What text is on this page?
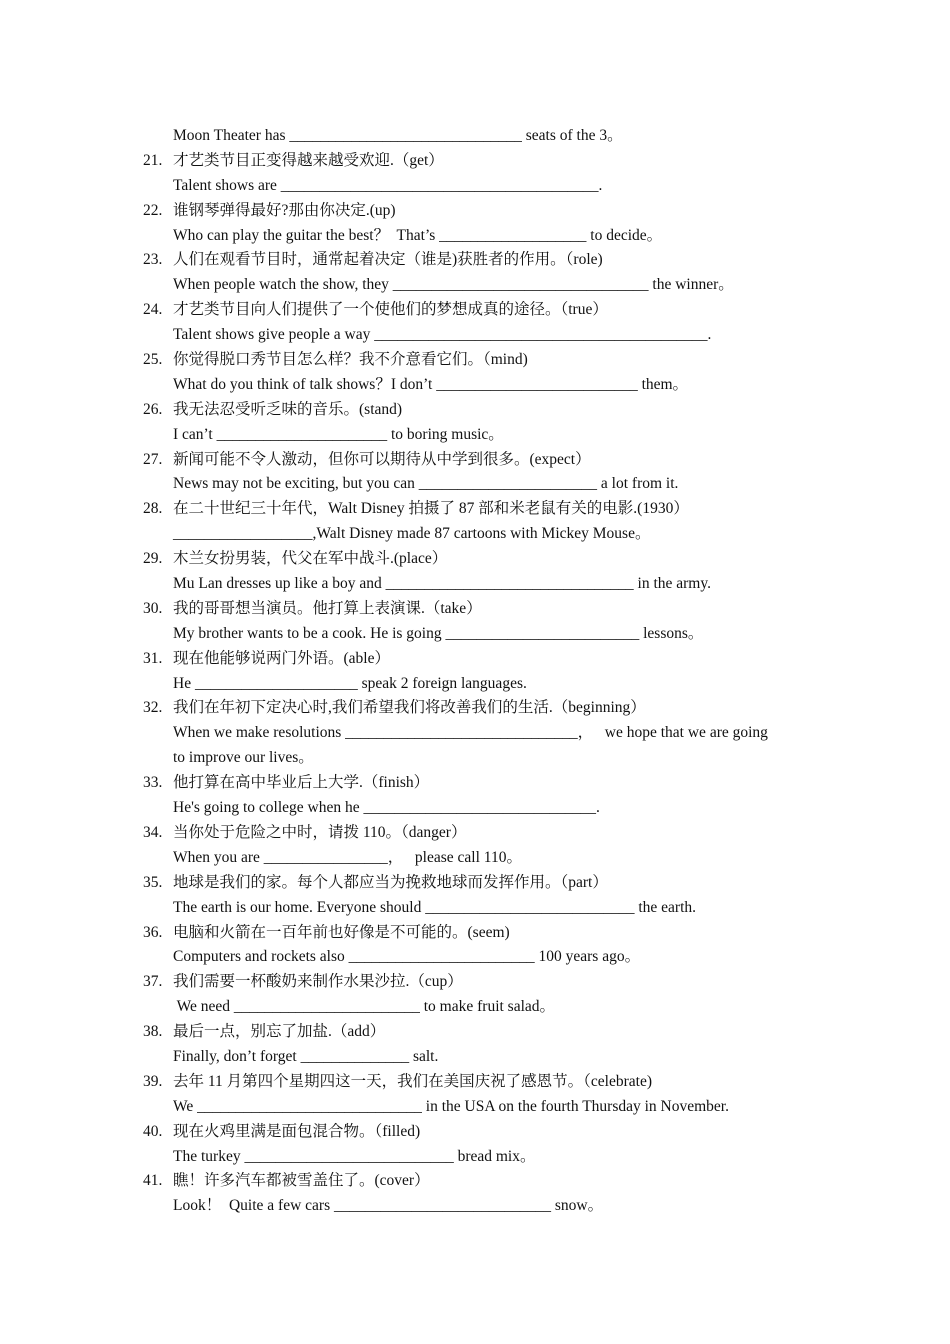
Moon Theater has ______________________________ seats of the 3。
21. 才艺类节目正变得越来越受欢迎.（get）
Talent shows are _________________________________________.
22. 谁钢琴弹得最好?那由你决定.(up)
Who can play the guitar the best？  That’s ___________________ to decide。
23. 人们在观看节目时，通常起着决定（谁是)获胜者的作用。（role)
When people watch the show, they _________________________________ the winner。
24. 才艺类节目向人们提供了一个使他们的梦想成真的途径。（true）
Talent shows give people a way ___________________________________________.
25. 你觉得脱口秀节目怎么样？我不介意看它们。（mind)
What do you think of talk shows？I don’t __________________________ them。
26. 我无法忍受听乏味的音乐。(stand)
I can’t ______________________ to boring music。
27. 新闻可能不令人激动，但你可以期待从中学到很多。(expect）
News may not be exciting, but you can _______________________ a lot from it.
28. 在二十世纪三十年代，Walt Disney 拍摄了 87 部和米老鼠有关的电影.(1930）
__________________,Walt Disney made 87 cartoons with Mickey Mouse。
29. 木兰女扮男装，代父在军中战斗.(place）
Mu Lan dresses up like a boy and ________________________________ in the army.
30. 我的哥哥想当演员。他打算上表演课.（take）
My brother wants to be a cook. He is going _________________________ lessons。
31. 现在他能够说两门外语。(able）
He _____________________ speak 2 foreign languages.
32. 我们在年初下定决心时,我们希望我们将改善我们的生活.（beginning）
When we make resolutions ______________________________，   we hope that we are going
to improve our lives。
33. 他打算在高中毕业后上大学.（finish）
He's going to college when he ______________________________.
34. 当你处于危险之中时，请拨 110。（danger）
When you are ________________，   please call 110。
35. 地球是我们的家。每个人都应当为挽救地球而发挥作用。（part）
The earth is our home. Everyone should ___________________________ the earth.
36. 电脑和火箭在一百年前也好像是不可能的。(seem)
Computers and rockets also ________________________ 100 years ago。
37. 我们需要一杯酸奶来制作水果沙拉.（cup）
We need ________________________ to make fruit salad。
38. 最后一点，别忘了加盐.（add）
Finally, don’t forget ______________ salt.
39. 去年 11 月第四个星期四这一天，我们在美国庆祝了感恩节。（celebrate)
We _____________________________ in the USA on the fourth Thursday in November.
40. 现在火鸡里满是面包混合物。（filled)
The turkey ___________________________ bread mix。
41. 瞧！许多汽车都被雪盖住了。(cover）
Look！  Quite a few cars ____________________________ snow。
